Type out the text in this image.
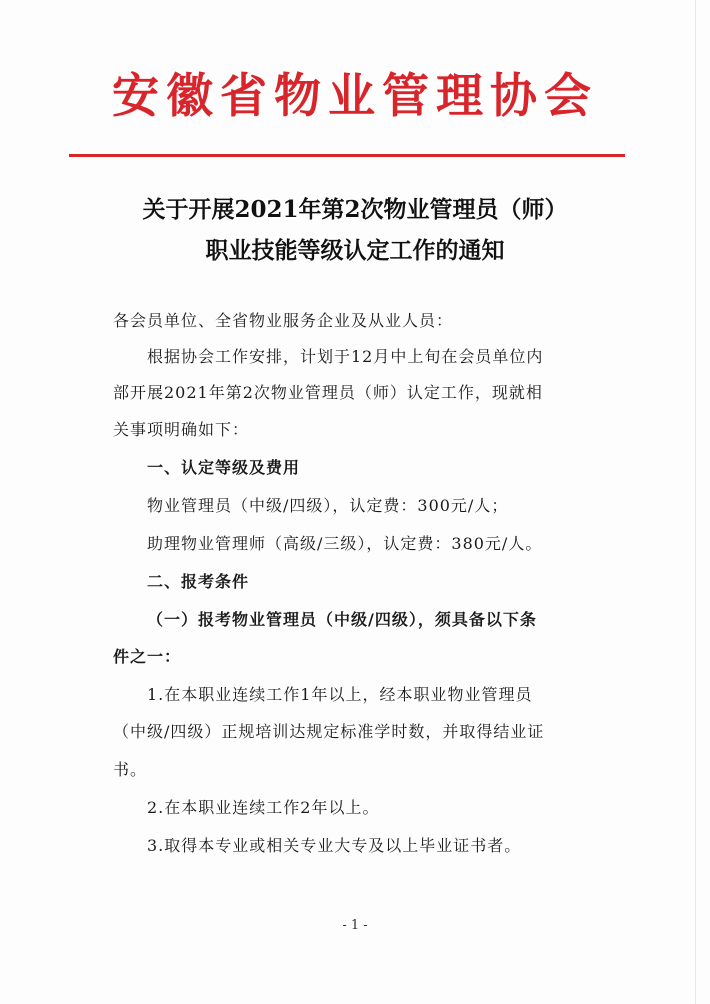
安徽省物业管理协会
关于开展2021年第2次物业管理员（师）
职业技能等级认定工作的通知
各会员单位、全省物业服务企业及从业人员：
根据协会工作安排，计划于12月中上旬在会员单位内
部开展2021年第2次物业管理员（师）认定工作，现就相
关事项明确如下：
一、认定等级及费用
物业管理员（中级/四级），认定费：300元/人；
助理物业管理师（高级/三级），认定费：380元/人。
二、报考条件
（一）报考物业管理员（中级/四级），须具备以下条
件之一：
1.在本职业连续工作1年以上，经本职业物业管理员
（中级/四级）正规培训达规定标准学时数，并取得结业证
书。
2.在本职业连续工作2年以上。
3.取得本专业或相关专业大专及以上毕业证书者。
- 1 -
